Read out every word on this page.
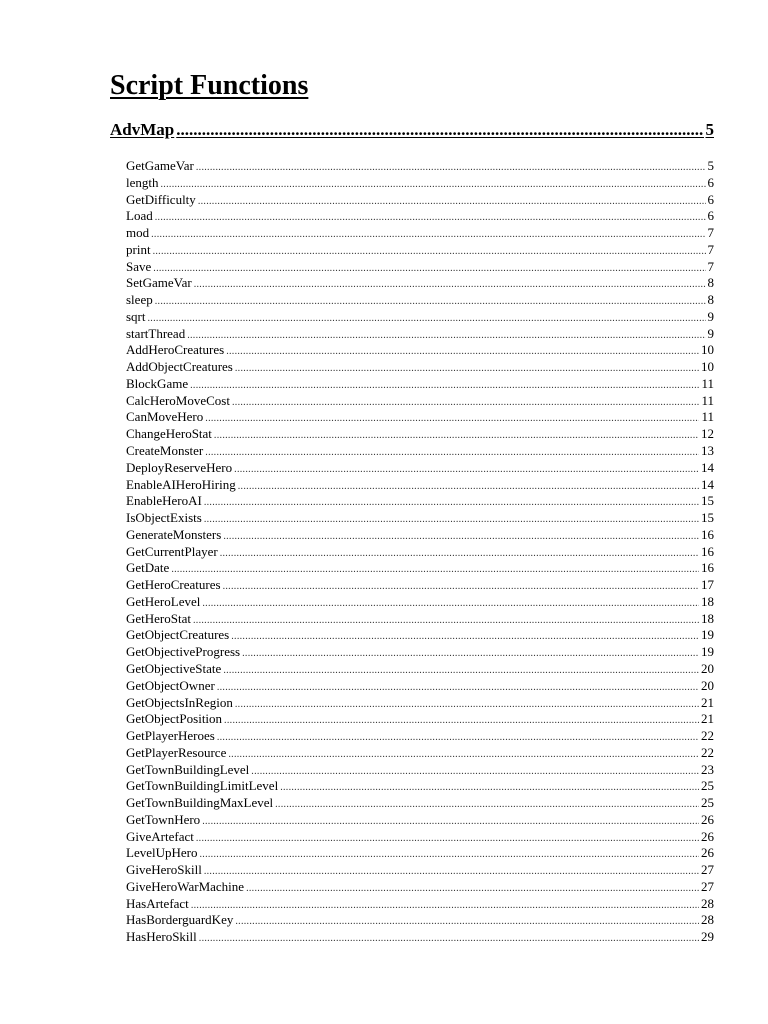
Script Functions
AdvMap .....	5
GetGameVar .....	5
length .....	6
GetDifficulty .....	6
Load .....	6
mod .....	7
print .....	7
Save .....	7
SetGameVar .....	8
sleep .....	8
sqrt .....	9
startThread .....	9
AddHeroCreatures .....	10
AddObjectCreatures .....	10
BlockGame .....	11
CalcHeroMoveCost .....	11
CanMoveHero .....	11
ChangeHeroStat .....	12
CreateMonster .....	13
DeployReserveHero .....	14
EnableAIHeroHiring .....	14
EnableHeroAI .....	15
IsObjectExists .....	15
GenerateMonsters .....	16
GetCurrentPlayer .....	16
GetDate .....	16
GetHeroCreatures .....	17
GetHeroLevel .....	18
GetHeroStat .....	18
GetObjectCreatures .....	19
GetObjectiveProgress .....	19
GetObjectiveState .....	20
GetObjectOwner .....	20
GetObjectsInRegion .....	21
GetObjectPosition .....	21
GetPlayerHeroes .....	22
GetPlayerResource .....	22
GetTownBuildingLevel .....	23
GetTownBuildingLimitLevel .....	25
GetTownBuildingMaxLevel .....	25
GetTownHero .....	26
GiveArtefact .....	26
LevelUpHero .....	26
GiveHeroSkill .....	27
GiveHeroWarMachine .....	27
HasArtefact .....	28
HasBorderguardKey .....	28
HasHeroSkill .....	29
